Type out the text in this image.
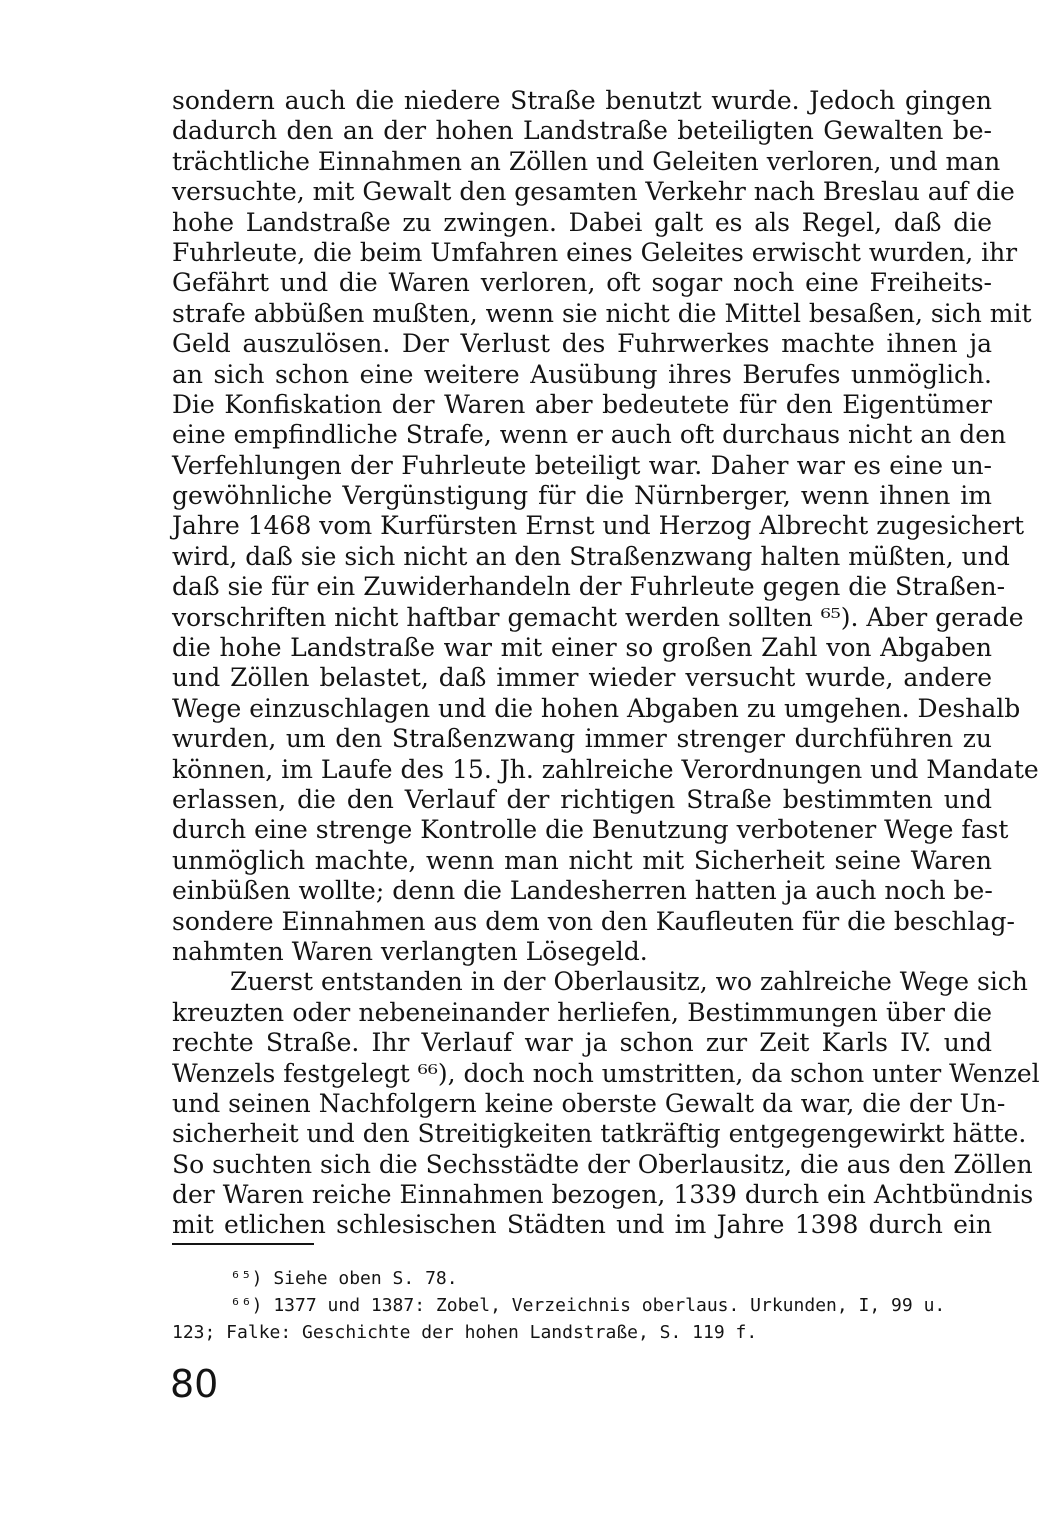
sondern auch die niedere Straße benutzt wurde. Jedoch gingen
dadurch den an der hohen Landstraße beteiligten Gewalten be-
trächtliche Einnahmen an Zöllen und Geleiten verloren, und man
versuchte, mit Gewalt den gesamten Verkehr nach Breslau auf die
hohe Landstraße zu zwingen. Dabei galt es als Regel, daß die
Fuhrleute, die beim Umfahren eines Geleites erwischt wurden, ihr
Gefährt und die Waren verloren, oft sogar noch eine Freiheits-
strafe abbüßen mußten, wenn sie nicht die Mittel besaßen, sich mit
Geld auszulösen. Der Verlust des Fuhrwerkes machte ihnen ja
an sich schon eine weitere Ausübung ihres Berufes unmöglich.
Die Konfiskation der Waren aber bedeutete für den Eigentümer
eine empfindliche Strafe, wenn er auch oft durchaus nicht an den
Verfehlungen der Fuhrleute beteiligt war. Daher war es eine un-
gewöhnliche Vergünstigung für die Nürnberger, wenn ihnen im
Jahre 1468 vom Kurfürsten Ernst und Herzog Albrecht zugesichert
wird, daß sie sich nicht an den Straßenzwang halten müßten, und
daß sie für ein Zuwiderhandeln der Fuhrleute gegen die Straßen-
vorschriften nicht haftbar gemacht werden sollten ⁶⁵). Aber gerade
die hohe Landstraße war mit einer so großen Zahl von Abgaben
und Zöllen belastet, daß immer wieder versucht wurde, andere
Wege einzuschlagen und die hohen Abgaben zu umgehen. Deshalb
wurden, um den Straßenzwang immer strenger durchführen zu
können, im Laufe des 15. Jh. zahlreiche Verordnungen und Mandate
erlassen, die den Verlauf der richtigen Straße bestimmten und
durch eine strenge Kontrolle die Benutzung verbotener Wege fast
unmöglich machte, wenn man nicht mit Sicherheit seine Waren
einbüßen wollte; denn die Landesherren hatten ja auch noch be-
sondere Einnahmen aus dem von den Kaufleuten für die beschlag-
nahmten Waren verlangten Lösegeld.
Zuerst entstanden in der Oberlausitz, wo zahlreiche Wege sich
kreuzten oder nebeneinander herliefen, Bestimmungen über die
rechte Straße. Ihr Verlauf war ja schon zur Zeit Karls IV. und
Wenzels festgelegt ⁶⁶), doch noch umstritten, da schon unter Wenzel
und seinen Nachfolgern keine oberste Gewalt da war, die der Un-
sicherheit und den Streitigkeiten tatkräftig entgegengewirkt hätte.
So suchten sich die Sechsstädte der Oberlausitz, die aus den Zöllen
der Waren reiche Einnahmen bezogen, 1339 durch ein Achtbündnis
mit etlichen schlesischen Städten und im Jahre 1398 durch ein
⁶⁵) Siehe oben S. 78.
⁶⁶) 1377 und 1387: Zobel, Verzeichnis oberlaus. Urkunden, I, 99 u.
123; Falke: Geschichte der hohen Landstraße, S. 119 f.
80
